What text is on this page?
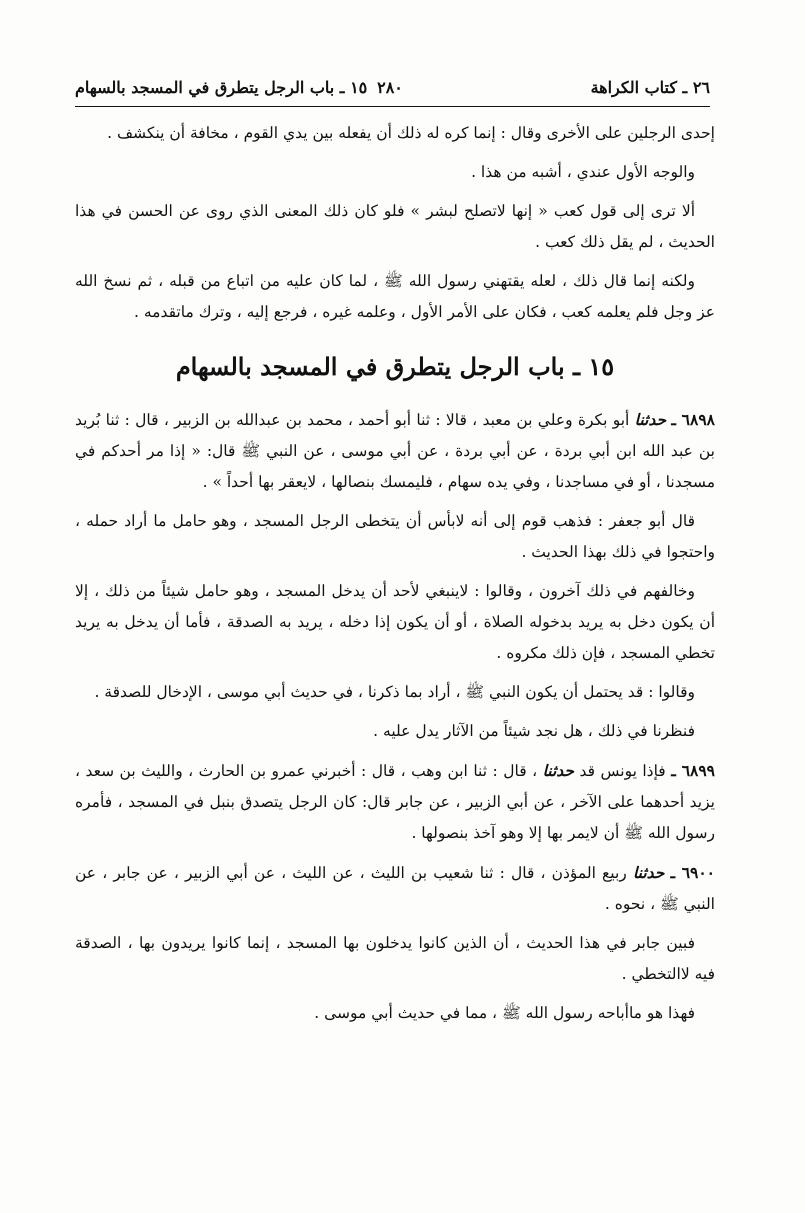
٢٦ ـ كتاب الكراهة
٢٨٠
١٥ ـ باب الرجل يتطرق في المسجد بالسهام

إحدى الرجلين على الأخرى وقال : إنما كره له ذلك أن يفعله بين يدي القوم ، مخافة أن ينكشف .

والوجه الأول عندي ، أشبه من هذا .

ألا ترى إلى قول كعب « إنها لاتصلح لبشر » فلو كان ذلك المعنى الذي روى عن الحسن في هذا الحديث ، لم يقل ذلك كعب .

ولكنه إنما قال ذلك ، لعله يقتهني رسول الله ﷺ ، لما كان عليه من اتباع من قبله ، ثم نسخ الله عز وجل فلم يعلمه كعب ، فكان على الأمر الأول ، وعلمه غيره ، فرجع إليه ، وترك ماتقدمه .

١٥ ـ باب الرجل يتطرق في المسجد بالسهام

٦٨٩٨ ـ حدثنا أبو بكرة وعلي بن معبد ، قالا : ثنا أبو أحمد ، محمد بن عبدالله بن الزبير ، قال : ثنا بُريد بن عبد الله ابن أبي بردة ، عن أبي بردة ، عن أبي موسى ، عن النبي ﷺ قال: « إذا مر أحدكم في مسجدنا ، أو في مساجدنا ، وفي يده سهام ، فليمسك بنصالها ، لايعقر بها أحداً » .

قال أبو جعفر : فذهب قوم إلى أنه لابأس أن يتخطى الرجل المسجد ، وهو حامل ما أراد حمله ، واحتجوا في ذلك بهذا الحديث .

وخالفهم في ذلك آخرون ، وقالوا : لاينبغي لأحد أن يدخل المسجد ، وهو حامل شيئاً من ذلك ، إلا أن يكون دخل به يريد بدخوله الصلاة ، أو أن يكون إذا دخله ، يريد به الصدقة ، فأما أن يدخل به يريد تخطي المسجد ، فإن ذلك مكروه .

وقالوا : قد يحتمل أن يكون النبي ﷺ ، أراد بما ذكرنا ، في حديث أبي موسى ، الإدخال للصدقة .

فنظرنا في ذلك ، هل نجد شيئاً من الآثار يدل عليه .

٦٨٩٩ ـ فإذا يونس قد حدثنا ، قال : ثنا ابن وهب ، قال : أخبرني عمرو بن الحارث ، والليث بن سعد ، يزيد أحدهما على الآخر ، عن أبي الزبير ، عن جابر قال: كان الرجل يتصدق بنبل في المسجد ، فأمره رسول الله ﷺ أن لايمر بها إلا وهو آخذ بنصولها .

٦٩٠٠ ـ حدثنا ربيع المؤذن ، قال : ثنا شعيب بن الليث ، عن الليث ، عن أبي الزبير ، عن جابر ، عن النبي ﷺ ، نحوه .

فبين جابر في هذا الحديث ، أن الذين كانوا يدخلون بها المسجد ، إنما كانوا يريدون بها ، الصدقة فيه لاالتخطي .

فهذا هو ماأباحه رسول الله ﷺ ، مما في حديث أبي موسى .
